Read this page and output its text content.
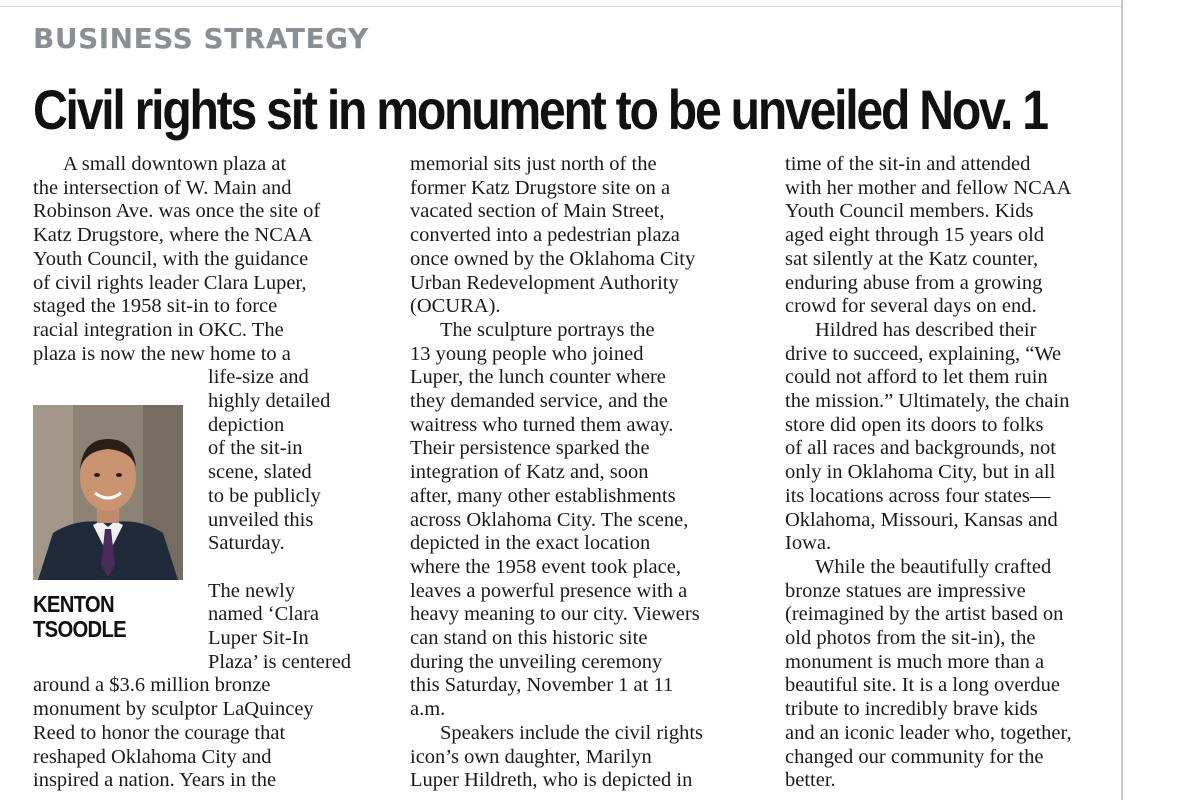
BUSINESS STRATEGY
Civil rights sit in monument to be unveiled Nov. 1
A small downtown plaza at
the intersection of W. Main and
Robinson Ave. was once the site of
Katz Drugstore, where the NCAA
Youth Council, with the guidance
of civil rights leader Clara Luper,
staged the 1958 sit-in to force
racial integration in OKC. The
plaza is now the new home to a
life-size and
highly detailed
depiction
of the sit-in
scene, slated
to be publicly
unveiled this
Saturday.

The newly
named ‘Clara
Luper Sit-In
Plaza’ is centered
around a $3.6 million bronze
monument by sculptor LaQuincey
Reed to honor the courage that
reshaped Oklahoma City and
inspired a nation. Years in the
KENTON
TSOODLE
memorial sits just north of the
former Katz Drugstore site on a
vacated section of Main Street,
converted into a pedestrian plaza
once owned by the Oklahoma City
Urban Redevelopment Authority
(OCURA).
The sculpture portrays the
13 young people who joined
Luper, the lunch counter where
they demanded service, and the
waitress who turned them away.
Their persistence sparked the
integration of Katz and, soon
after, many other establishments
across Oklahoma City. The scene,
depicted in the exact location
where the 1958 event took place,
leaves a powerful presence with a
heavy meaning to our city. Viewers
can stand on this historic site
during the unveiling ceremony
this Saturday, November 1 at 11
a.m.
Speakers include the civil rights
icon’s own daughter, Marilyn
Luper Hildreth, who is depicted in
time of the sit-in and attended
with her mother and fellow NCAA
Youth Council members. Kids
aged eight through 15 years old
sat silently at the Katz counter,
enduring abuse from a growing
crowd for several days on end.
Hildred has described their
drive to succeed, explaining, “We
could not afford to let them ruin
the mission.” Ultimately, the chain
store did open its doors to folks
of all races and backgrounds, not
only in Oklahoma City, but in all
its locations across four states—
Oklahoma, Missouri, Kansas and
Iowa.
While the beautifully crafted
bronze statues are impressive
(reimagined by the artist based on
old photos from the sit-in), the
monument is much more than a
beautiful site. It is a long overdue
tribute to incredibly brave kids
and an iconic leader who, together,
changed our community for the
better.
